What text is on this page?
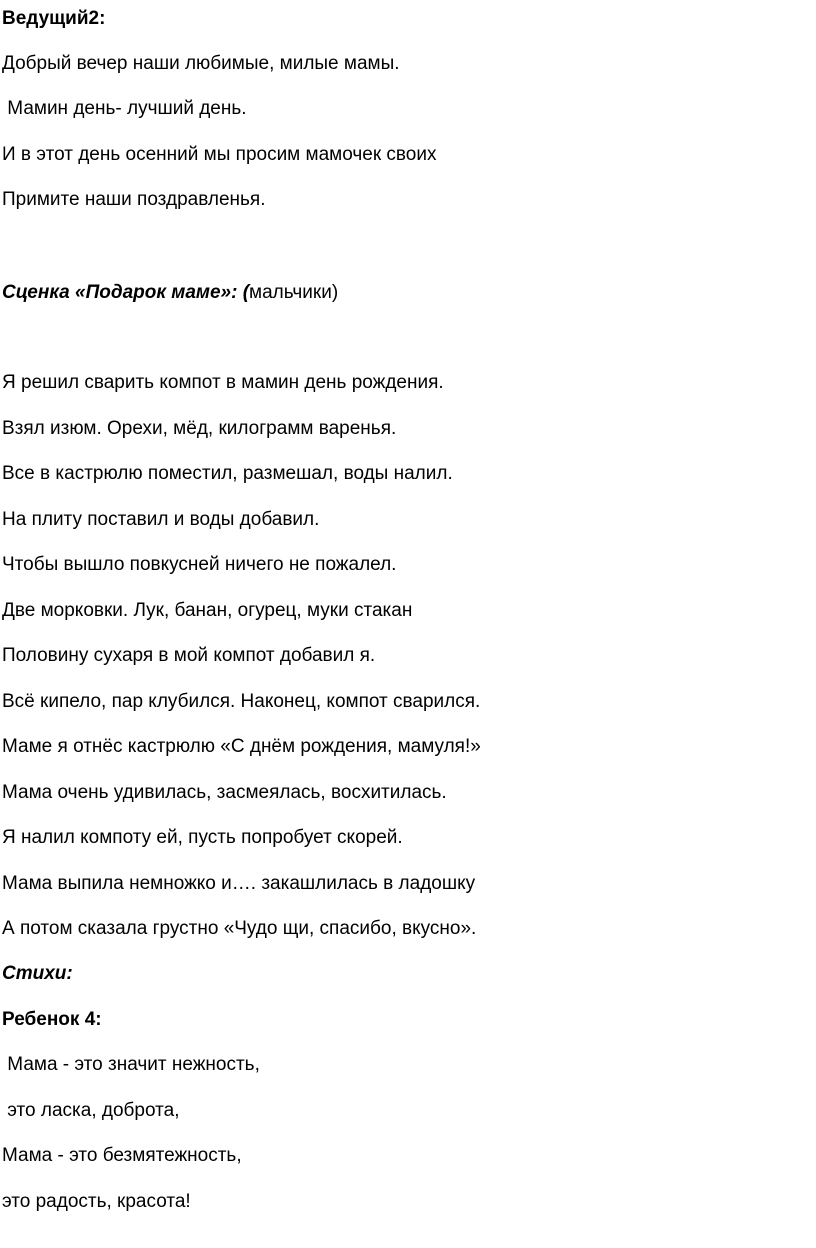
Ведущий2:
Добрый вечер наши любимые, милые мамы.
Мамин день- лучший день.
И в этот день осенний мы просим мамочек своих
Примите наши поздравленья.
Сценка «Подарок маме»: (мальчики)
Я решил сварить компот в мамин день рождения.
Взял изюм. Орехи, мёд, килограмм варенья.
Все в кастрюлю поместил, размешал, воды налил.
На плиту поставил и воды добавил.
Чтобы вышло повкусней ничего не пожалел.
Две морковки. Лук, банан, огурец, муки стакан
Половину сухаря в мой компот добавил я.
Всё кипело, пар клубился. Наконец, компот сварился.
Маме я отнёс кастрюлю «С днём рождения, мамуля!»
Мама очень удивилась, засмеялась, восхитилась.
Я налил компоту ей, пусть попробует скорей.
Мама выпила немножко и…. закашлилась в ладошку
А потом сказала грустно «Чудо щи, спасибо, вкусно».
Стихи:
Ребенок 4:
Мама - это значит нежность,
это ласка, доброта,
Мама - это безмятежность,
это радость, красота!
